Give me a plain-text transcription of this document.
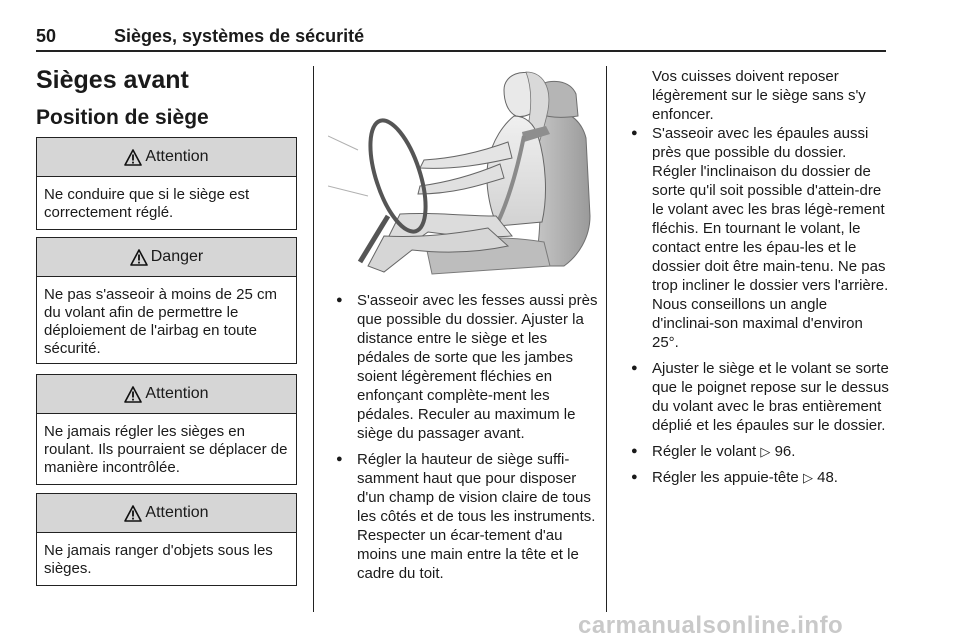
50	Sièges, systèmes de sécurité
Sièges avant
Position de siège
Attention
Ne conduire que si le siège est correctement réglé.
Danger
Ne pas s'asseoir à moins de 25 cm du volant afin de permettre le déploiement de l'airbag en toute sécurité.
Attention
Ne jamais régler les sièges en roulant. Ils pourraient se déplacer de manière incontrôlée.
Attention
Ne jamais ranger d'objets sous les sièges.
● S'asseoir avec les fesses aussi près que possible du dossier. Ajuster la distance entre le siège et les pédales de sorte que les jambes soient légèrement fléchies en enfonçant complète-ment les pédales. Reculer au maximum le siège du passager avant.
● Régler la hauteur de siège suffi-samment haut que pour disposer d'un champ de vision claire de tous les côtés et de tous les instruments. Respecter un écar-tement d'au moins une main entre la tête et le cadre du toit.

Vos cuisses doivent reposer légèrement sur le siège sans s'y enfoncer.

● S'asseoir avec les épaules aussi près que possible du dossier. Régler l'inclinaison du dossier de sorte qu'il soit possible d'attein-dre le volant avec les bras légè-rement fléchis. En tournant le volant, le contact entre les épau-les et le dossier doit être main-tenu. Ne pas trop incliner le dossier vers l'arrière. Nous conseillons un angle d'inclinai-son maximal d'environ 25°.
● Ajuster le siège et le volant se sorte que le poignet repose sur le dessus du volant avec le bras entièrement déplié et les épaules sur le dossier.
● Régler le volant ▷ 96.
● Régler les appuie-tête ▷ 48.
carmanualsonline.info
